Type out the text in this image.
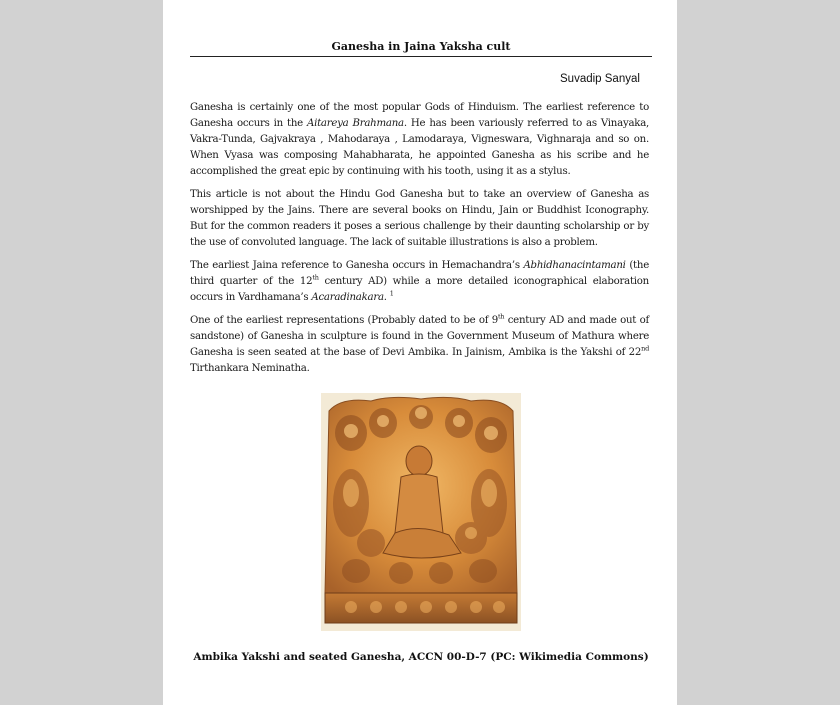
Ganesha in Jaina Yaksha cult
Suvadip Sanyal

Ganesha is certainly one of the most popular Gods of Hinduism. The earliest reference to Ganesha occurs in the Aitareya Brahmana. He has been variously referred to as Vinayaka, Vakra-Tunda, Gajvakraya , Mahodaraya , Lamodaraya, Vigneswara, Vighnaraja and so on. When Vyasa was composing Mahabharata, he appointed Ganesha as his scribe and he accomplished the great epic by continuing with his tooth, using it as a stylus.

This article is not about the Hindu God Ganesha but to take an overview of Ganesha as worshipped by the Jains. There are several books on Hindu, Jain or Buddhist Iconography. But for the common readers it poses a serious challenge by their daunting scholarship or by the use of convoluted language. The lack of suitable illustrations is also a problem.

The earliest Jaina reference to Ganesha occurs in Hemachandra’s Abhidhanacintamani (the third quarter of the 12th century AD) while a more detailed iconographical elaboration occurs in Vardhamana’s Acaradinakara. $^1$

One of the earliest representations (Probably dated to be of 9th century AD and made out of sandstone) of Ganesha in sculpture is found in the Government Museum of Mathura where Ganesha is seen seated at the base of Devi Ambika. In Jainism, Ambika is the Yakshi of 22nd Tirthankara Neminatha.

Ambika Yakshi and seated Ganesha, ACCN 00-D-7 (PC: Wikimedia Commons)
